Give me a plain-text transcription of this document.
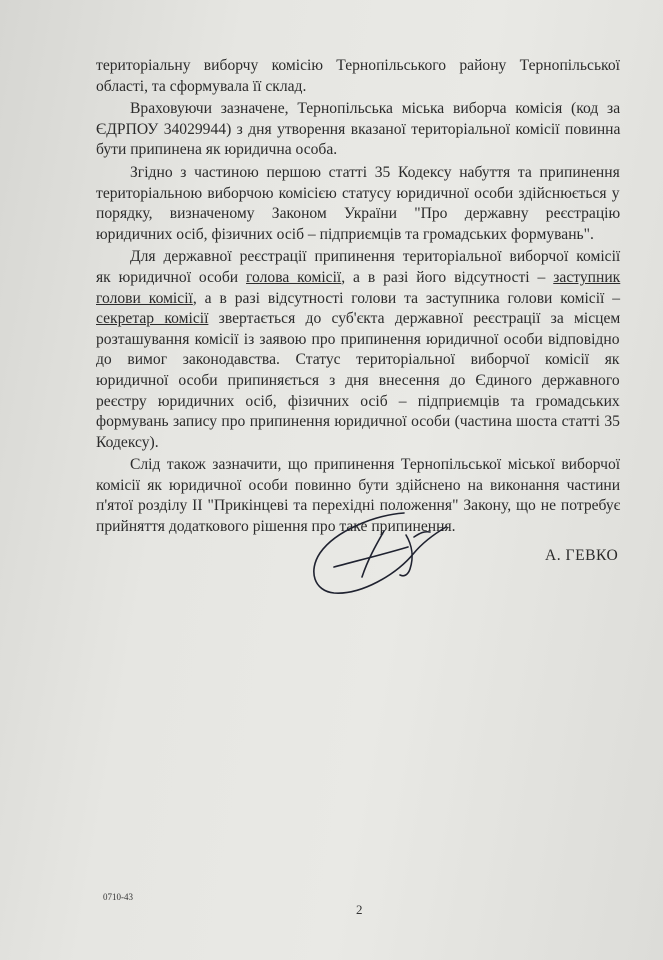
територіальну виборчу комісію Тернопільського району Тернопільської
області, та сформувала її склад.
Враховуючи зазначене, Тернопільська міська виборча комісія (код за
ЄДРПОУ 34029944) з дня утворення вказаної територіальної комісії повинна
бути припинена як юридична особа.
Згідно з частиною першою статті 35 Кодексу набуття та припинення
територіальною виборчою комісією статусу юридичної особи здійснюється у
порядку, визначеному Законом України "Про державну реєстрацію
юридичних осіб, фізичних осіб – підприємців та громадських формувань".
Для державної реєстрації припинення територіальної виборчої комісії
як юридичної особи голова комісії, а в разі його відсутності – заступник
голови комісії, а в разі відсутності голови та заступника голови комісії –
секретар комісії звертається до суб'єкта державної реєстрації за місцем
розташування комісії із заявою про припинення юридичної особи відповідно
до вимог законодавства. Статус територіальної виборчої комісії як
юридичної особи припиняється з дня внесення до Єдиного державного
реєстру юридичних осіб, фізичних осіб – підприємців та громадських
формувань запису про припинення юридичної особи (частина шоста статті 35
Кодексу).
Слід також зазначити, що припинення Тернопільської міської виборчої
комісії як юридичної особи повинно бути здійснено на виконання частини
п'ятої розділу II "Прикінцеві та перехідні положення" Закону, що не потребує
прийняття додаткового рішення про таке припинення.
А. ГЕВКО
0710-43
2
